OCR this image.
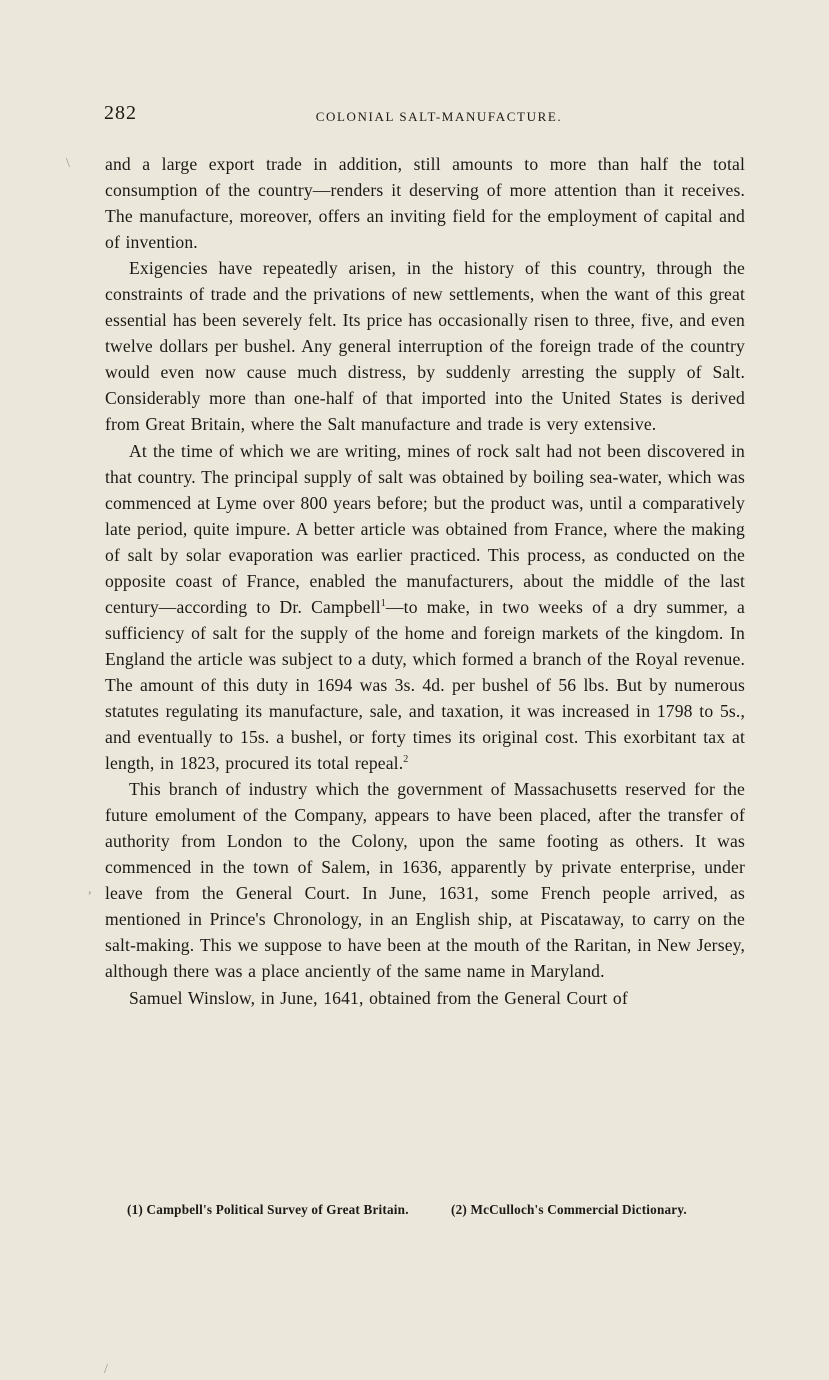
282	COLONIAL SALT-MANUFACTURE.
\
,
/

and a large export trade in addition, still amounts to more than half the total consumption of the country—renders it deserving of more attention than it receives. The manufacture, moreover, offers an inviting field for the employment of capital and of invention.

Exigencies have repeatedly arisen, in the history of this country, through the constraints of trade and the privations of new settlements, when the want of this great essential has been severely felt. Its price has occasionally risen to three, five, and even twelve dollars per bushel. Any general interruption of the foreign trade of the country would even now cause much distress, by suddenly arresting the supply of Salt. Considerably more than one-half of that imported into the United States is derived from Great Britain, where the Salt manufacture and trade is very extensive.

At the time of which we are writing, mines of rock salt had not been discovered in that country. The principal supply of salt was obtained by boiling sea-water, which was commenced at Lyme over 800 years before; but the product was, until a comparatively late period, quite impure. A better article was obtained from France, where the making of salt by solar evaporation was earlier practiced. This process, as conducted on the opposite coast of France, enabled the manufacturers, about the middle of the last century—according to Dr. Campbell$^1$—to make, in two weeks of a dry summer, a sufficiency of salt for the supply of the home and foreign markets of the kingdom. In England the article was subject to a duty, which formed a branch of the Royal revenue. The amount of this duty in 1694 was 3s. 4d. per bushel of 56 lbs. But by numerous statutes regulating its manufacture, sale, and taxation, it was increased in 1798 to 5s., and eventually to 15s. a bushel, or forty times its original cost. This exorbitant tax at length, in 1823, procured its total repeal.$^2$

This branch of industry which the government of Massachusetts reserved for the future emolument of the Company, appears to have been placed, after the transfer of authority from London to the Colony, upon the same footing as others. It was commenced in the town of Salem, in 1636, apparently by private enterprise, under leave from the General Court. In June, 1631, some French people arrived, as mentioned in Prince's Chronology, in an English ship, at Piscataway, to carry on the salt-making. This we suppose to have been at the mouth of the Raritan, in New Jersey, although there was a place anciently of the same name in Maryland.

Samuel Winslow, in June, 1641, obtained from the General Court of

(1) Campbell's Political Survey of Great Britain.	(2) McCulloch's Commercial Dictionary.
